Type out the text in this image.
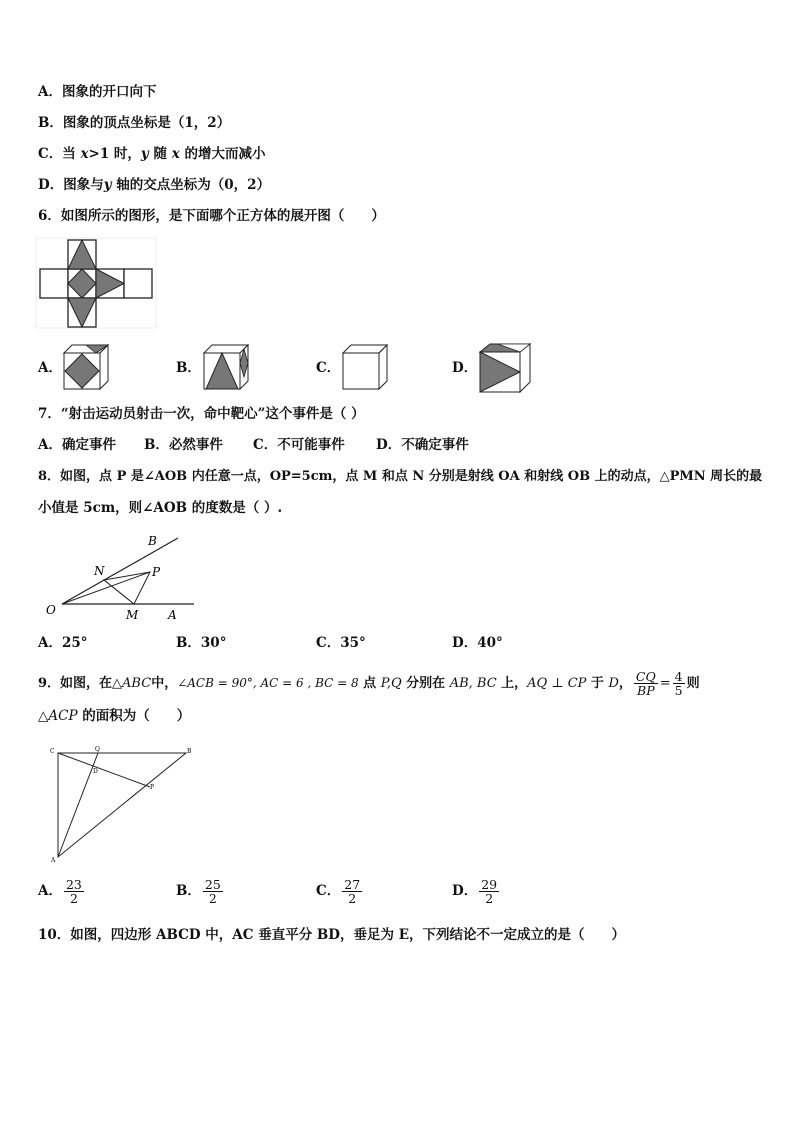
A．图象的开口向下
B．图象的顶点坐标是（1，2）
C．当 x>1 时，y 随 x 的增大而减小
D．图象与y 轴的交点坐标为（0，2）
6．如图所示的图形，是下面哪个正方体的展开图（　　）
A．	B．	C．	D．
7．“射击运动员射击一次，命中靶心”这个事件是（ ）
A．确定事件 B．必然事件 C．不可能事件 D．不确定事件
8．如图，点 P 是∠AOB 内任意一点，OP=5cm，点 M 和点 N 分别是射线 OA 和射线 OB 上的动点，△PMN 周长的最
小值是 5cm，则∠AOB 的度数是（ ）.
B
N	P
O	M A
A．25°	B．30°	C．35°	D．40°
9．如图，在△ABC中，∠ACB = 90°, AC = 6 , BC = 8 点 P,Q 分别在 AB, BC 上，AQ ⊥ CP 于 D， $\frac{CQ}{BP} = \frac{4}{5}$ 则
△ACP 的面积为（　　）
C	Q	B
D
P
A
A． $\frac{23}{2}$	B． $\frac{25}{2}$	C． $\frac{27}{2}$	D． $\frac{29}{2}$
10．如图，四边形 ABCD 中，AC 垂直平分 BD，垂足为 E，下列结论不一定成立的是（　　）
